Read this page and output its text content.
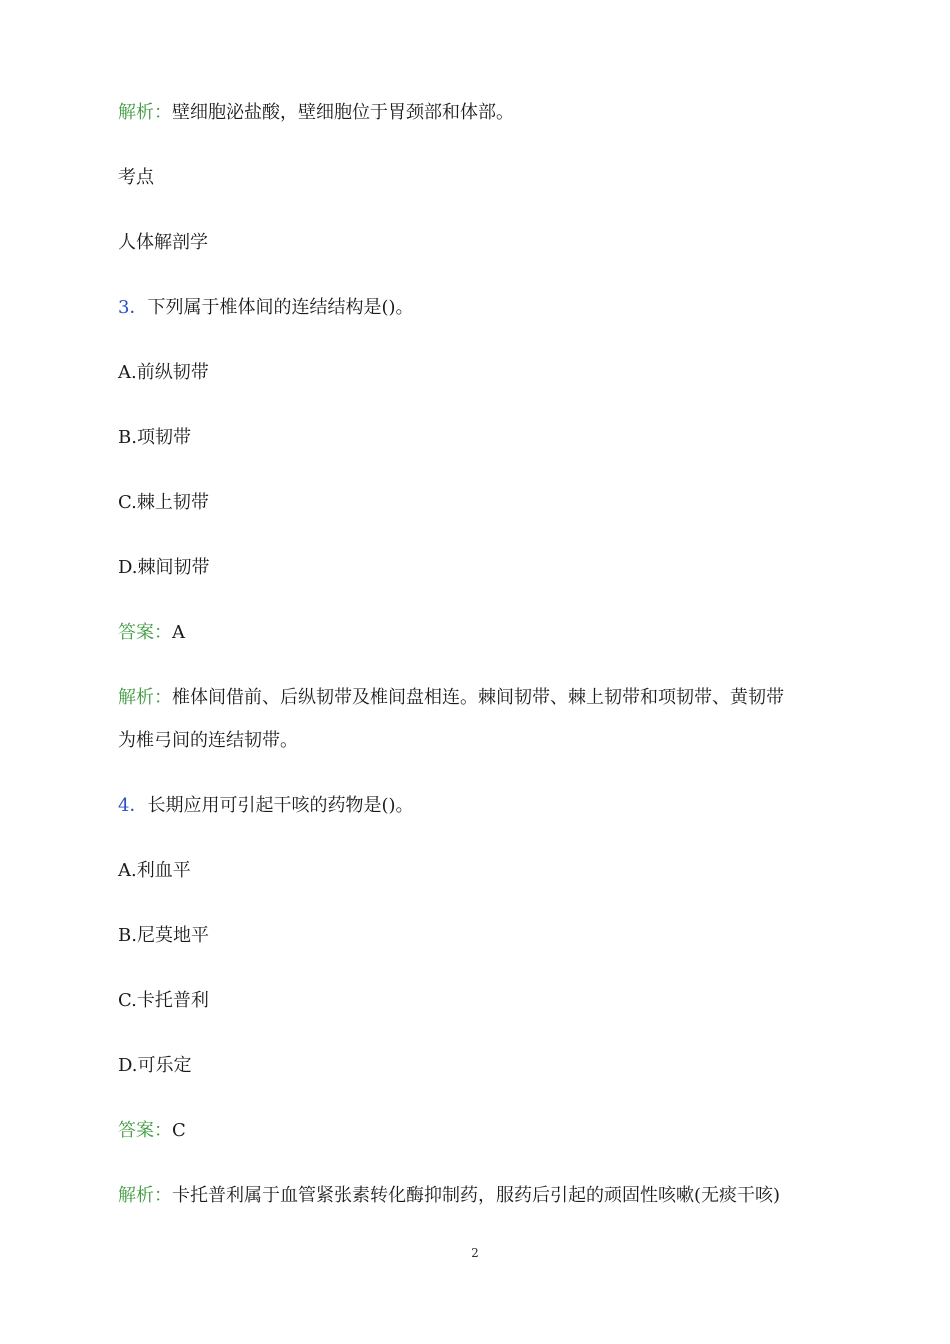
解析：壁细胞泌盐酸，壁细胞位于胃颈部和体部。
考点
人体解剖学
3．下列属于椎体间的连结结构是()。
A.前纵韧带
B.项韧带
C.棘上韧带
D.棘间韧带
答案：A
解析：椎体间借前、后纵韧带及椎间盘相连。棘间韧带、棘上韧带和项韧带、黄韧带
为椎弓间的连结韧带。
4．长期应用可引起干咳的药物是()。
A.利血平
B.尼莫地平
C.卡托普利
D.可乐定
答案：C
解析：卡托普利属于血管紧张素转化酶抑制药，服药后引起的顽固性咳嗽(无痰干咳)
2
